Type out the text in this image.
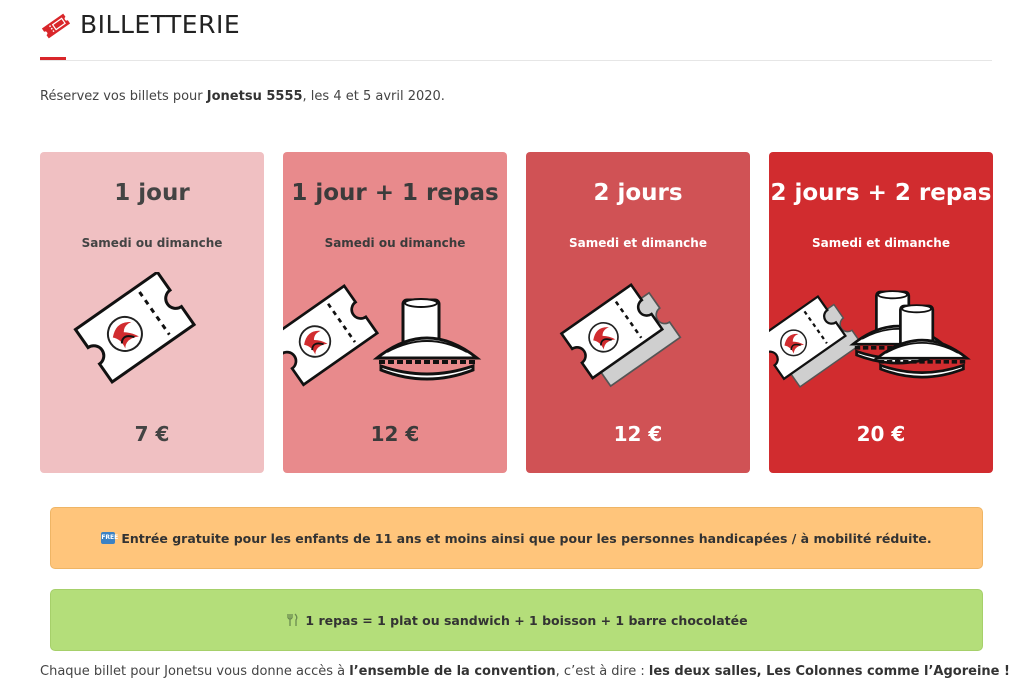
BILLETTERIE

Réservez vos billets pour Jonetsu 5555, les 4 et 5 avril 2020.

1 jour
Samedi ou dimanche
7 €
1 jour + 1 repas
Samedi ou dimanche
12 €
2 jours
Samedi et dimanche
12 €
2 jours + 2 repas
Samedi et dimanche
20 €
FREE Entrée gratuite pour les enfants de 11 ans et moins ainsi que pour les personnes handicapées / à mobilité réduite.
1 repas = 1 plat ou sandwich + 1 boisson + 1 barre chocolatée

Chaque billet pour Jonetsu vous donne accès à l’ensemble de la convention, c’est à dire : les deux salles, Les Colonnes comme l’Agoreine !
